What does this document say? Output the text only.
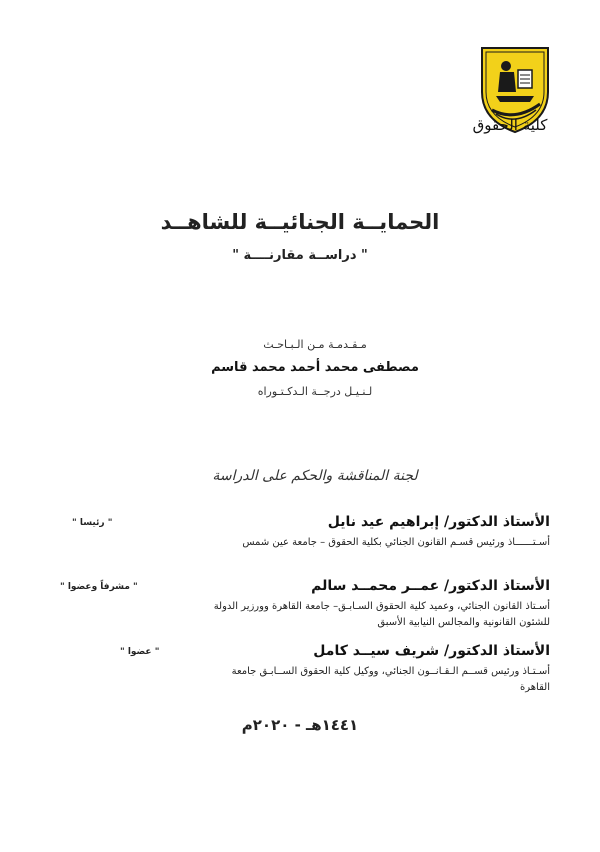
كلية الحقوق
الحمايــة الجنائيــة للشاهــد
" دراســة مقارنــــة "
مـقـدمـة مـن الـبـاحـث
مصطفى محمد أحمد محمد قاسم
لـنـيـل درجــة الـدكـتـوراه
لجنة المناقشة والحكم على الدراسة
الأستاذ الدكتور/ إبراهيم عيد نايل
" رئيسا "
أسـتــــــاذ ورئيس قسـم القانون الجنائي بكلية الحقوق – جامعة عين شمس
الأستاذ الدكتور/ عمــر محمــد سالم
" مشرفاً وعضوا "
أسـتاذ القانون الجنائي، وعميد كلية الحقوق السـابـق– جامعة القاهرة وورزير الدولة للشئون القانونية والمجالس النيابية الأسبق
الأستاذ الدكتور/ شريف سيــد كامل
" عضوا "
أسـتـاذ ورئيس قســم الـقـانــون الجنائي، ووكيل كلية الحقوق الســابـق جامعة القاهرة
١٤٤١هـ - ٢٠٢٠م
